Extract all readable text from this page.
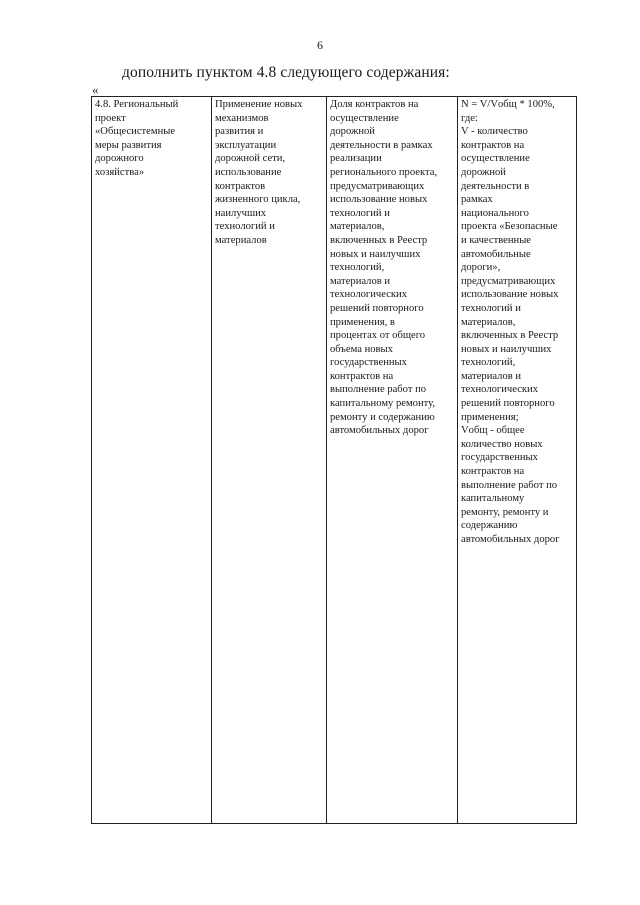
6
дополнить пунктом 4.8 следующего содержания:
«
4.8. Региональный
проект
«Общесистемные
меры развития
дорожного
хозяйства»

Применение новых
механизмов
развития и
эксплуатации
дорожной сети,
использование
контрактов
жизненного цикла,
наилучших
технологий и
материалов

Доля контрактов на
осуществление
дорожной
деятельности в рамках
реализации
регионального проекта,
предусматривающих
использование новых
технологий и
материалов,
включенных в Реестр
новых и наилучших
технологий,
материалов и
технологических
решений повторного
применения, в
процентах от общего
объема новых
государственных
контрактов на
выполнение работ по
капитальному ремонту,
ремонту и содержанию
автомобильных дорог

N = V/Vобщ * 100%,
где:
V - количество
контрактов на
осуществление
дорожной
деятельности в
рамках
национального
проекта «Безопасные
и качественные
автомобильные
дороги»,
предусматривающих
использование новых
технологий и
материалов,
включенных в Реестр
новых и наилучших
технологий,
материалов и
технологических
решений повторного
применения;
Vобщ - общее
количество новых
государственных
контрактов на
выполнение работ по
капитальному
ремонту, ремонту и
содержанию
автомобильных дорог
